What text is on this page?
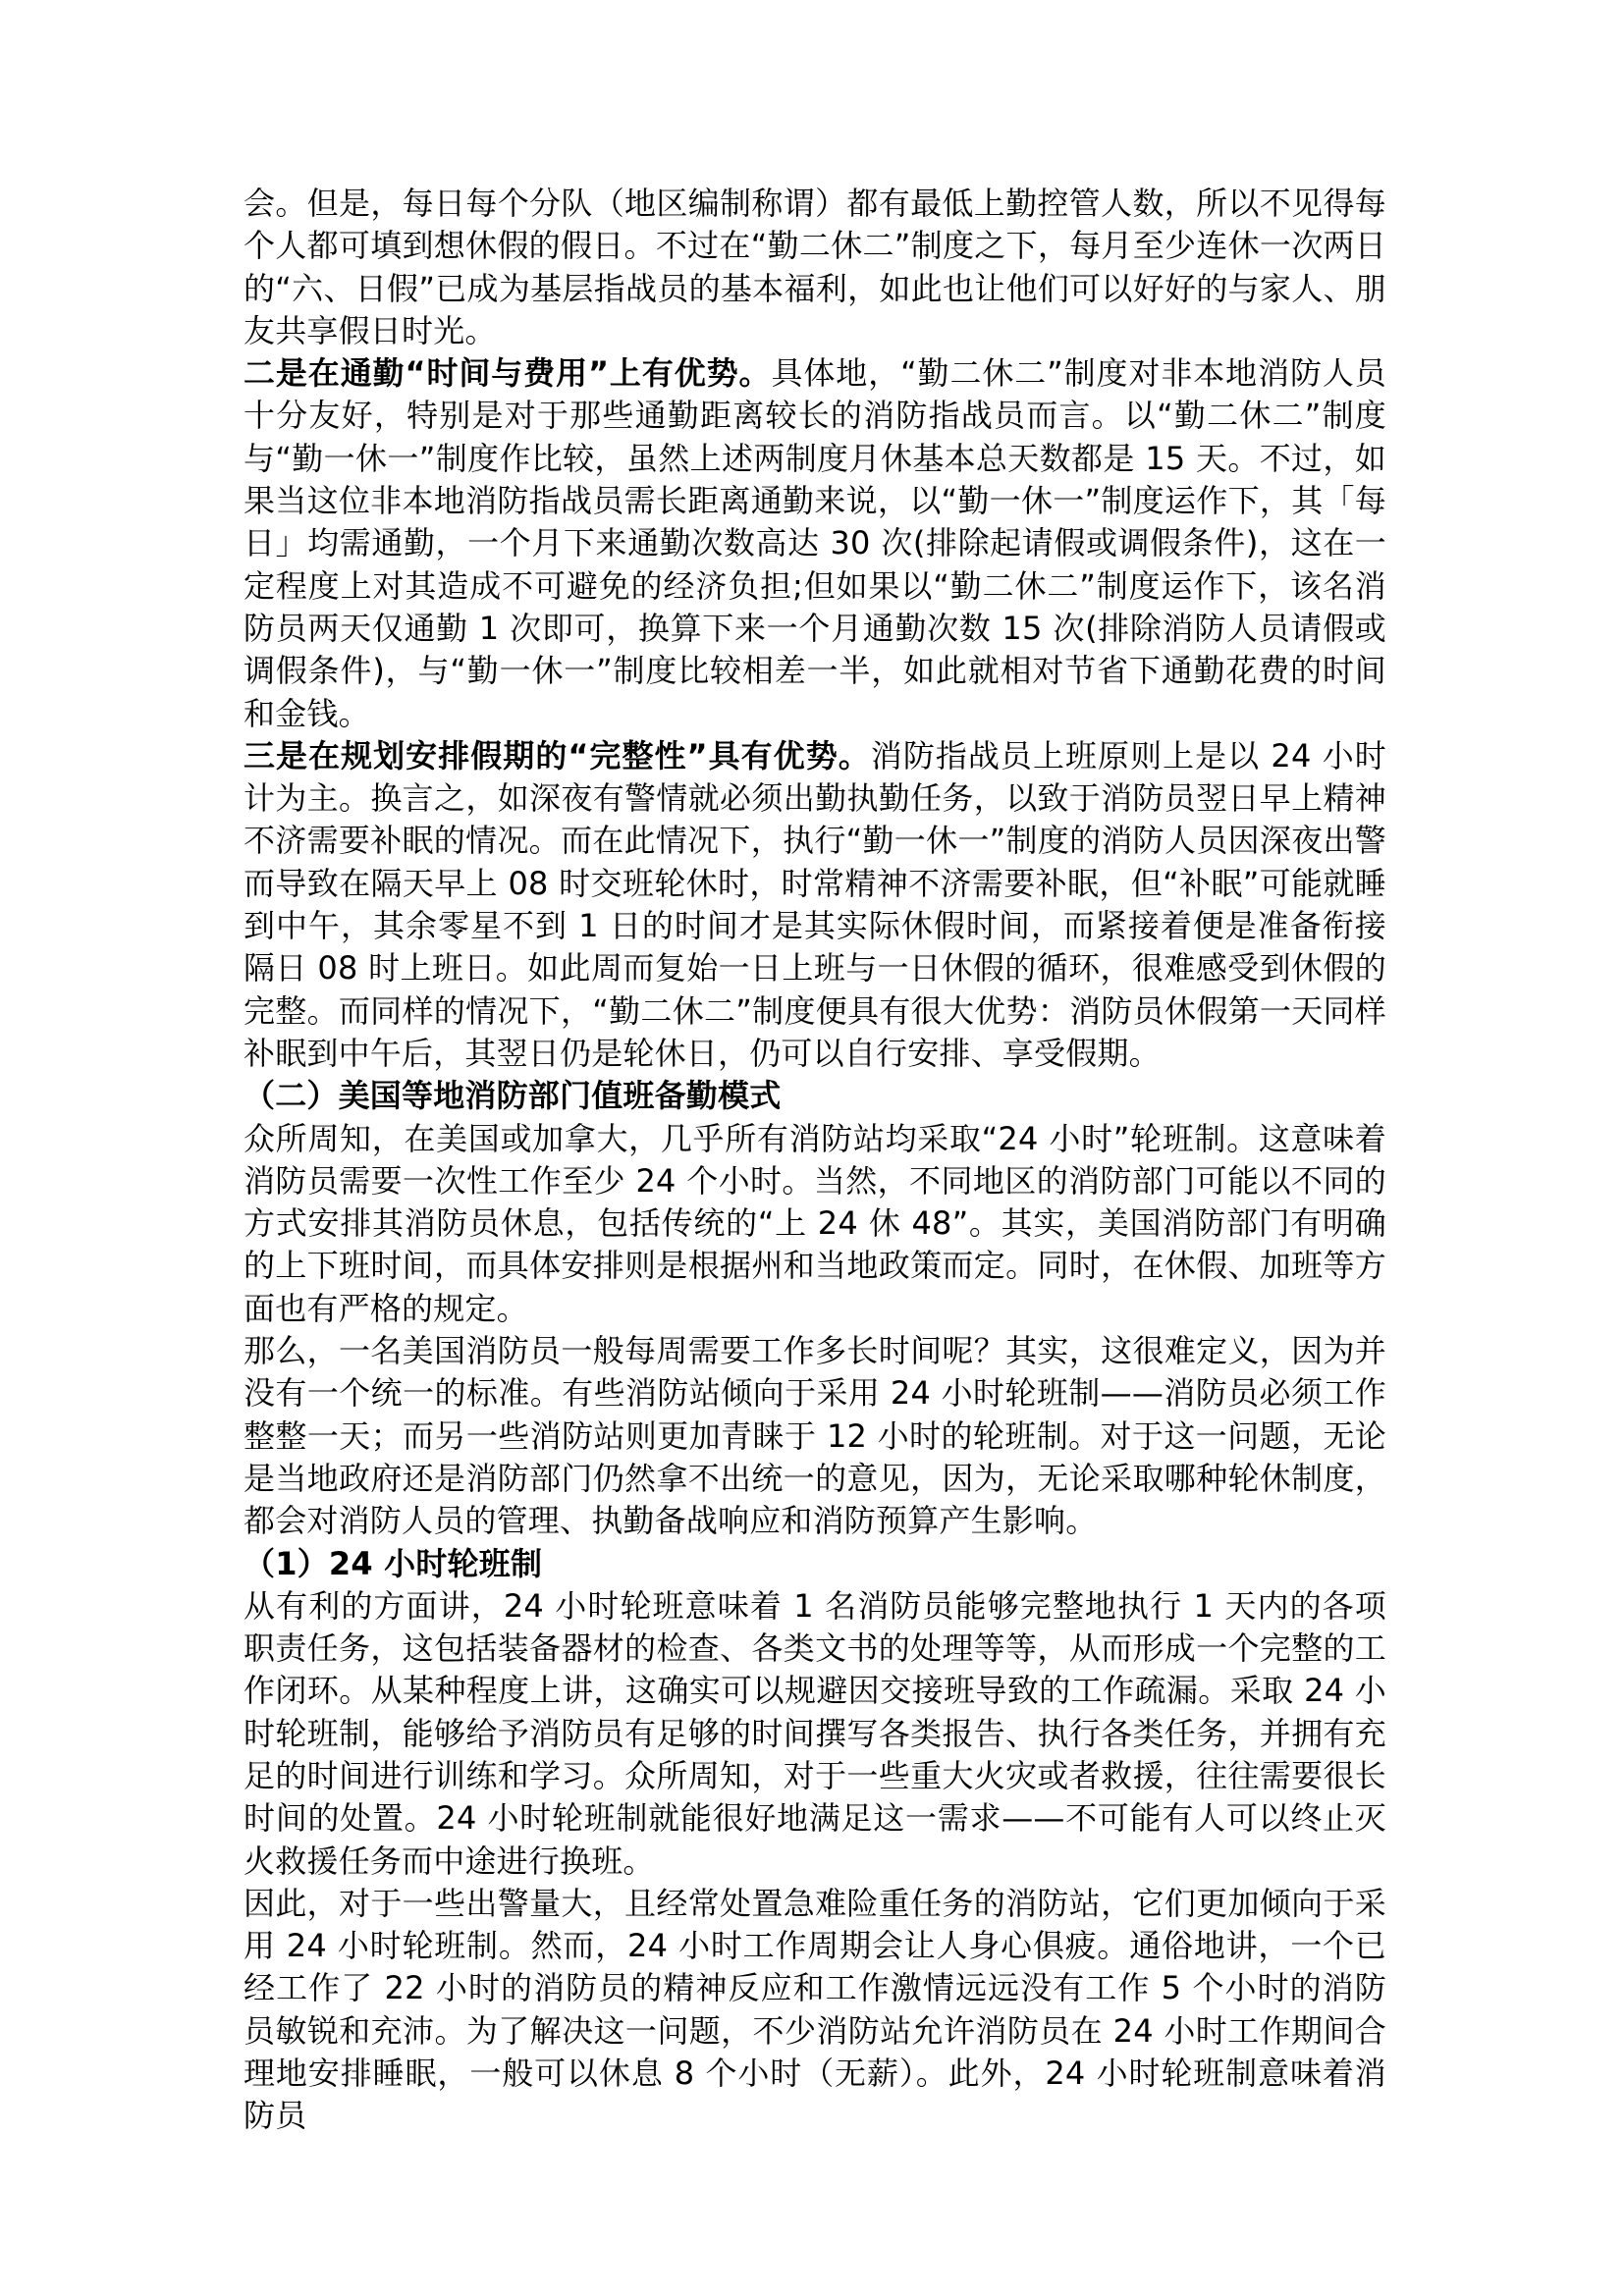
会。但是，每日每个分队（地区编制称谓）都有最低上勤控管人数，所以不见得每个人都可填到想休假的假日。不过在“勤二休二”制度之下，每月至少连休一次两日的“六、日假”已成为基层指战员的基本福利，如此也让他们可以好好的与家人、朋友共享假日时光。

二是在通勤“时间与费用”上有优势。具体地，“勤二休二”制度对非本地消防人员十分友好，特别是对于那些通勤距离较长的消防指战员而言。以“勤二休二”制度与“勤一休一”制度作比较，虽然上述两制度月休基本总天数都是 15 天。不过，如果当这位非本地消防指战员需长距离通勤来说，以“勤一休一”制度运作下，其「每日」均需通勤，一个月下来通勤次数高达 30 次(排除起请假或调假条件)，这在一定程度上对其造成不可避免的经济负担;但如果以“勤二休二”制度运作下，该名消防员两天仅通勤 1 次即可，换算下来一个月通勤次数 15 次(排除消防人员请假或调假条件)，与“勤一休一”制度比较相差一半，如此就相对节省下通勤花费的时间和金钱。

三是在规划安排假期的“完整性”具有优势。消防指战员上班原则上是以 24 小时计为主。换言之，如深夜有警情就必须出勤执勤任务，以致于消防员翌日早上精神不济需要补眠的情况。而在此情况下，执行“勤一休一”制度的消防人员因深夜出警而导致在隔天早上 08 时交班轮休时，时常精神不济需要补眠，但“补眠”可能就睡到中午，其余零星不到 1 日的时间才是其实际休假时间，而紧接着便是准备衔接隔日 08 时上班日。如此周而复始一日上班与一日休假的循环，很难感受到休假的完整。而同样的情况下，“勤二休二”制度便具有很大优势：消防员休假第一天同样补眠到中午后，其翌日仍是轮休日，仍可以自行安排、享受假期。

（二）美国等地消防部门值班备勤模式

众所周知，在美国或加拿大，几乎所有消防站均采取“24 小时”轮班制。这意味着消防员需要一次性工作至少 24 个小时。当然，不同地区的消防部门可能以不同的方式安排其消防员休息，包括传统的“上 24 休 48”。其实，美国消防部门有明确的上下班时间，而具体安排则是根据州和当地政策而定。同时，在休假、加班等方面也有严格的规定。

那么，一名美国消防员一般每周需要工作多长时间呢？其实，这很难定义，因为并没有一个统一的标准。有些消防站倾向于采用 24 小时轮班制——消防员必须工作整整一天；而另一些消防站则更加青睐于 12 小时的轮班制。对于这一问题，无论是当地政府还是消防部门仍然拿不出统一的意见，因为，无论采取哪种轮休制度，都会对消防人员的管理、执勤备战响应和消防预算产生影响。

（1）24 小时轮班制

从有利的方面讲，24 小时轮班意味着 1 名消防员能够完整地执行 1 天内的各项职责任务，这包括装备器材的检查、各类文书的处理等等，从而形成一个完整的工作闭环。从某种程度上讲，这确实可以规避因交接班导致的工作疏漏。采取 24 小时轮班制，能够给予消防员有足够的时间撰写各类报告、执行各类任务，并拥有充足的时间进行训练和学习。众所周知，对于一些重大火灾或者救援，往往需要很长时间的处置。24 小时轮班制就能很好地满足这一需求——不可能有人可以终止灭火救援任务而中途进行换班。

因此，对于一些出警量大，且经常处置急难险重任务的消防站，它们更加倾向于采用 24 小时轮班制。然而，24 小时工作周期会让人身心俱疲。通俗地讲，一个已经工作了 22 小时的消防员的精神反应和工作激情远远没有工作 5 个小时的消防员敏锐和充沛。为了解决这一问题，不少消防站允许消防员在 24 小时工作期间合理地安排睡眠，一般可以休息 8 个小时（无薪）。此外，24 小时轮班制意味着消防员
